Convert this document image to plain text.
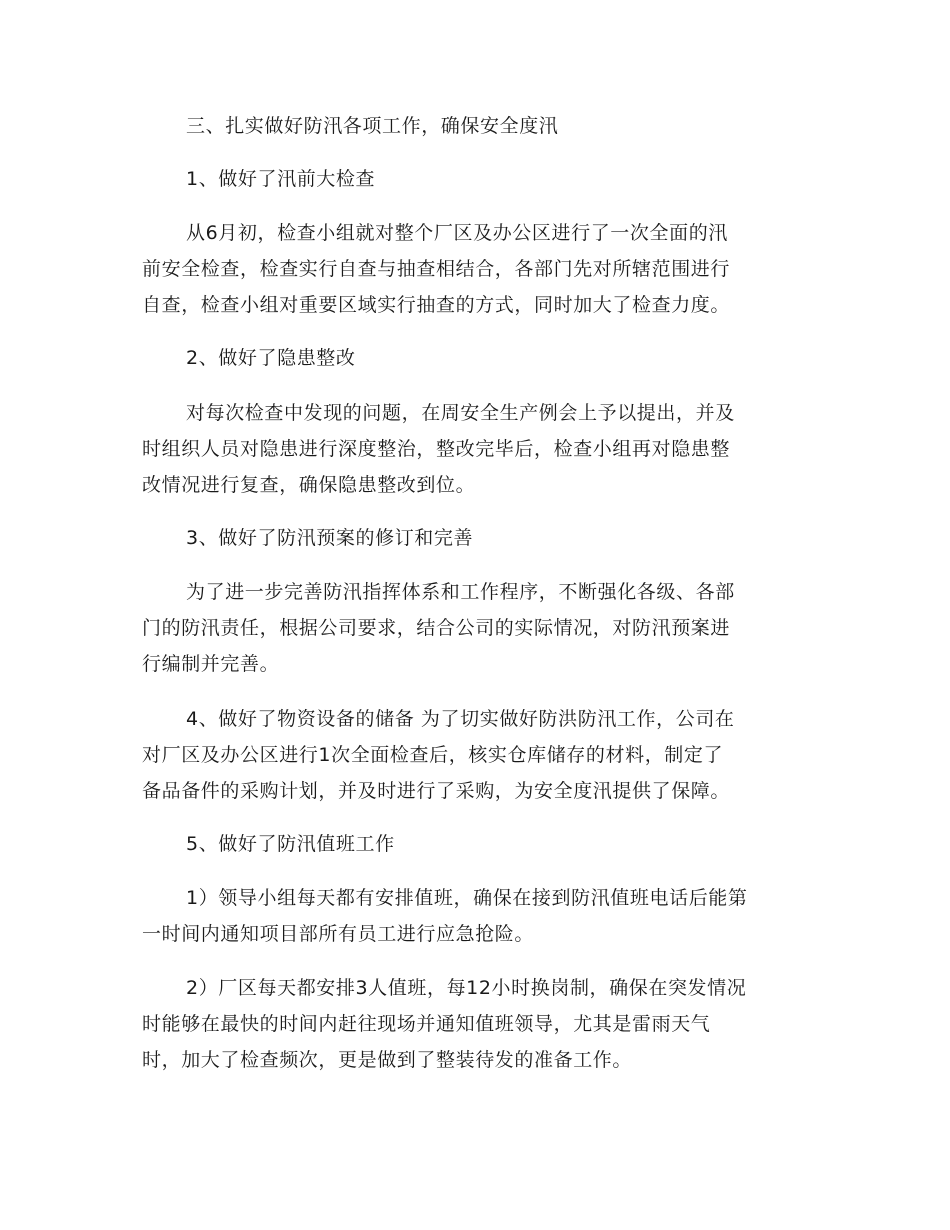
三、扎实做好防汛各项工作，确保安全度汛

1、做好了汛前大检查

从6月初，检查小组就对整个厂区及办公区进行了一次全面的汛
前安全检查，检查实行自查与抽查相结合，各部门先对所辖范围进行
自查，检查小组对重要区域实行抽查的方式，同时加大了检查力度。

2、做好了隐患整改

对每次检查中发现的问题，在周安全生产例会上予以提出，并及
时组织人员对隐患进行深度整治，整改完毕后，检查小组再对隐患整
改情况进行复查，确保隐患整改到位。

3、做好了防汛预案的修订和完善

为了进一步完善防汛指挥体系和工作程序，不断强化各级、各部
门的防汛责任，根据公司要求，结合公司的实际情况，对防汛预案进
行编制并完善。

4、做好了物资设备的储备 为了切实做好防洪防汛工作，公司在
对厂区及办公区进行1次全面检查后，核实仓库储存的材料，制定了
备品备件的采购计划，并及时进行了采购，为安全度汛提供了保障。

5、做好了防汛值班工作

1）领导小组每天都有安排值班，确保在接到防汛值班电话后能第
一时间内通知项目部所有员工进行应急抢险。

2）厂区每天都安排3人值班，每12小时换岗制，确保在突发情况
时能够在最快的时间内赶往现场并通知值班领导，尤其是雷雨天气
时，加大了检查频次，更是做到了整装待发的准备工作。
